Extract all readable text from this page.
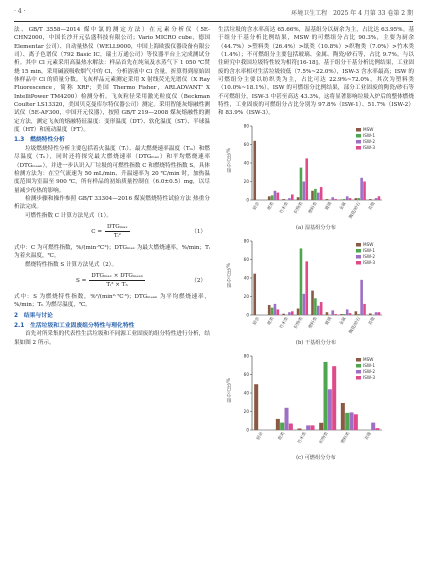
· 4 ·	环境卫生工程　2025 年 4 月第 33 卷第 2 期

法、GB/T 3558—2014 煤中氯的测定方法）在元素分析仪（5E-CHN2000，中国长沙开元弘盛科技有限公司；Vario MICRO cube，德国 Elementar 公司）、自动量热仪（WELL9000，中国上海欧拔仪器设备有限公司）、离子色谱仪（792 Basic IC，瑞士万通公司）等仪器平台上完成测试分析。其中 Cl 元素采用高温热水解法：样品首先在纯氧及水蒸气下 1 050 ℃焚烧 15 min，采用碱液吸收烟气中的 Cl，分析溶液中 Cl 含量，折算得到原始固体样品中 Cl 的质量分数。飞灰样品元素测定采用 X 射线荧光光谱仪（X Ray Fluorescence，简称 XRF；美国 Thermo Fisher，ARLADVANT' X IntelliPower TM4200）检测分析。飞灰粒径采用激光粒度仪（Beckman Coulter LS13320，美国贝克曼库尔特仪器公司）测定。采用智能灰熔融性测试仪（5E-AF300，中国开元仪器），按照 GB/T 219—2008 煤灰熔融性的测定方法，测定飞灰的熔融特征温度：变形温度（DT）、软化温度（ST）、半球温度（HT）和流动温度（FT）。

1.3　燃烧特性分析

垃圾燃烧特性分析主要包括着火温度（Tᵢ）、最大燃烧速率温度（Tₘ）和燃尽温度（Tₕ），同时还将探究最大燃烧速率（DTGₘₐₓ）和平均燃烧速率（DTGₘₑₐₙ），并进一步认识入厂垃圾的可燃性指数 C 和燃烧特性指数 S。具体检测方法为：在空气流速为 50 mL/min、升温速率为 20 ℃/min 时，加热温度范围为室温至 900 ℃，所有样品的初始质量控制在（6.0±0.5）mg，以尽量减少传热的影响。

检测步骤和操作参照 GB/T 33304—2016 煤炭燃烧特性试验方法 热重分析法完成。

可燃性指数 C 计算方法见式（1）。

$C = \frac{\text{DTGₘₐₓ}}{\text{Tᵢ²}}$	（1）

式中：C 为可燃性指数，%/(min·℃²)；DTGₘₐₓ 为最大燃烧速率，%/min；Tᵢ 为着火温度，℃。

燃烧特性指数 S 计算方法见式（2）。

$S = \frac{\text{DTGₘₐₓ × DTGₘₑₐₙ}}{\text{Tᵢ² × Tₕ}}$	（2）

式中：S 为燃烧特性指数，%²/(min²·℃³)；DTGₘₑₐₙ 为平均燃烧速率，%/min；Tₕ 为燃尽温度，℃。

2　结果与讨论

2.1　生活垃圾和工业固废组分特性与理化特性

首先对所采集的代表性生活垃圾和不同源工业固废的组分特性进行分析，结果如图 2 所示。

生活垃圾的含水率高达 65.66%，湿基组分以厨余为主，占比达 63.95%。基于组分干基分析比例结果，MSW 的可燃组分占比 90.3%，主要为厨余（44.7%）>塑料类（26.4%）>纸类（10.8%）>织物类（7.0%）>竹木类（1.4%）；不可燃组分主要包括玻璃、金属、陶瓷/砂石等，占比 9.7%。与以往研究中我国垃圾特性较为相符[16-18]。基于组分干基分析比例结果，工业固废的含水率相对生活垃圾较低（7.5%~22.0%），ISW-3 含水率最高；ISW 的可燃组分主要以纺织类为主，占比可达 22.9%~72.0%，其次为塑料类（10.0%~18.1%）。ISW 的可燃组分比例结果，部分工业固废的陶瓷/砂石等不可燃组分，ISW-3 中甚至高达 43.3%，这将显著影响垃圾入炉后的整体燃烧特性，工业固废的可燃组分占比分别为 97.8%（ISW-1）、51.7%（ISW-2）和 83.9%（ISW-3）。

组分占比/%
0
20
40
60
80
厨余	纸类 竹木类 织物类 塑料类	玻璃	金属 陶瓷/砂石 其他
MSW
ISW-1
ISW-2
ISW-3
(a) 湿基组分分布
组分占比/%
0
20
40
60
80
厨余	纸类 竹木类 织物类 塑料类	玻璃	金属 陶瓷/砂石 其他
MSW
ISW-1
ISW-2
ISW-3
(b) 干基组分分布
组分占比/%
0
20
40
60
80
厨余	纸类	竹木类	织物类	塑料类	其他
MSW
ISW-1
ISW-2
ISW-3
(c) 可燃组分分布
